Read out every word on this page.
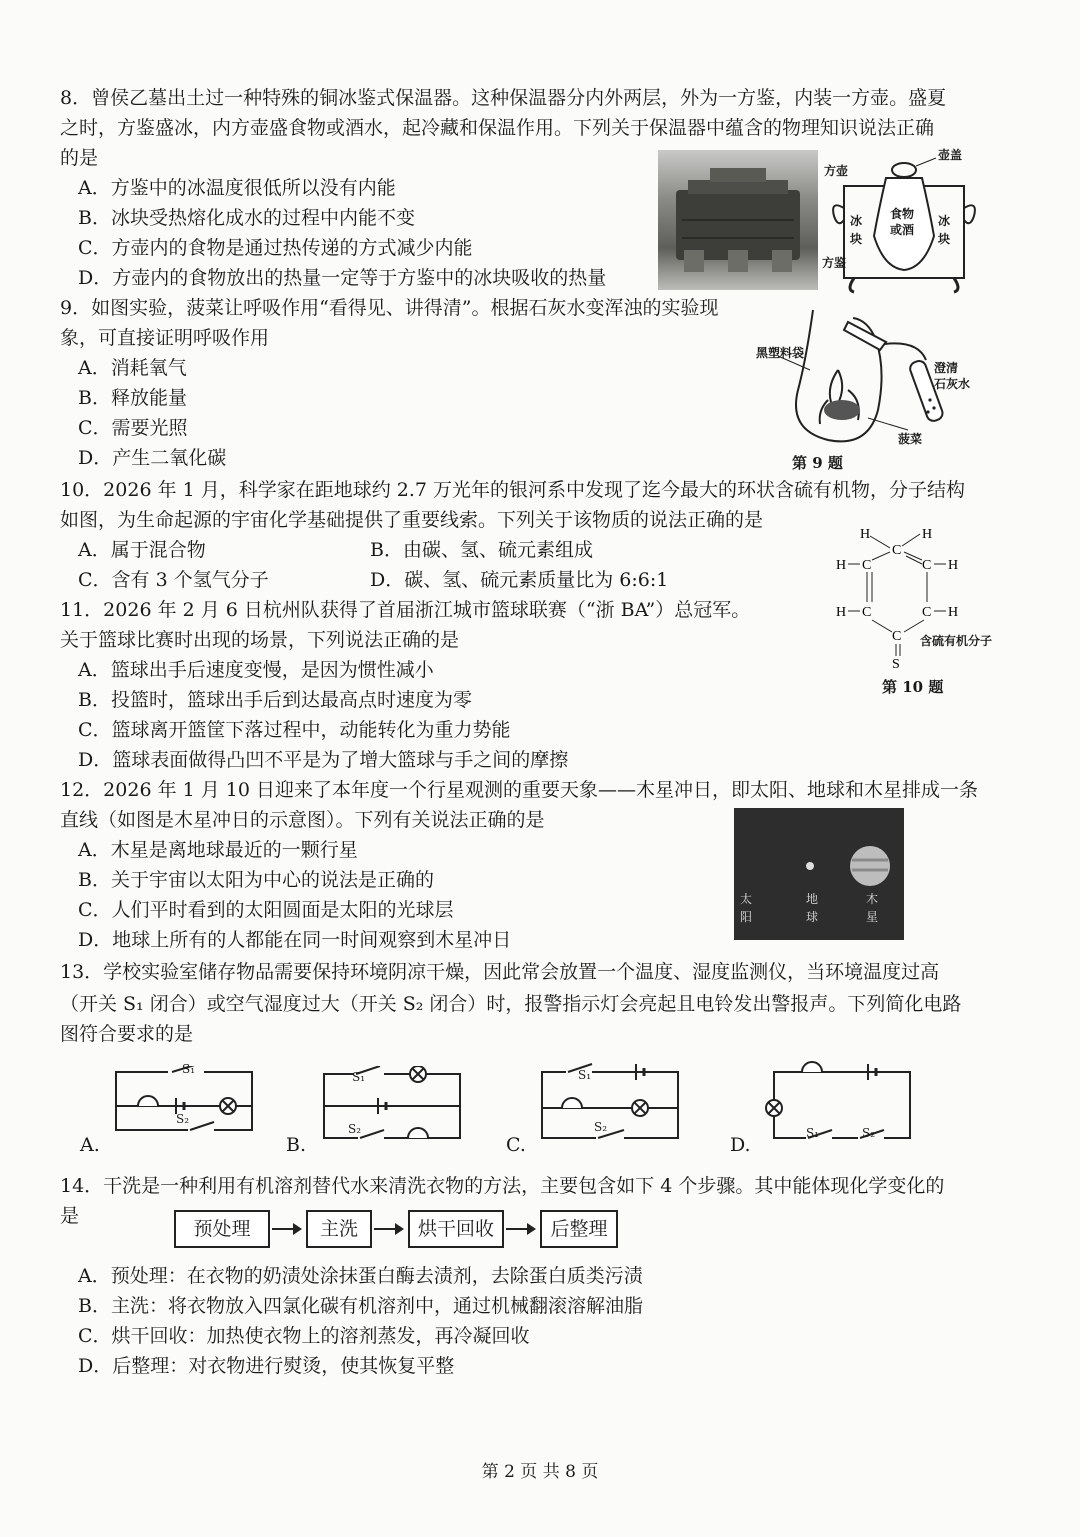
8．曾侯乙墓出土过一种特殊的铜冰鉴式保温器。这种保温器分内外两层，外为一方鉴，内装一方壶。盛夏
之时，方鉴盛冰，内方壶盛食物或酒水，起冷藏和保温作用。下列关于保温器中蕴含的物理知识说法正确
的是
A．方鉴中的冰温度很低所以没有内能
B．冰块受热熔化成水的过程中内能不变
C．方壶内的食物是通过热传递的方式减少内能
D．方壶内的食物放出的热量一定等于方鉴中的冰块吸收的热量
壶盖
方壶
冰
块
食物
或酒
冰
块
方鉴
9．如图实验，菠菜让呼吸作用“看得见、讲得清”。根据石灰水变浑浊的实验现
象，可直接证明呼吸作用
A．消耗氧气
B．释放能量
C．需要光照
D．产生二氧化碳
黑塑料袋
澄清
石灰水
菠菜
第 9 题
10．2026 年 1 月，科学家在距地球约 2.7 万光年的银河系中发现了迄今最大的环状含硫有机物，分子结构
如图，为生命起源的宇宙化学基础提供了重要线索。下列关于该物质的说法正确的是
A．属于混合物	B．由碳、氢、硫元素组成
C．含有 3 个氢气分子	D．碳、氢、硫元素质量比为 6:6:1
H	H
C
H C	C H
H C	C H
C
S
含硫有机分子
第 10 题
11．2026 年 2 月 6 日杭州队获得了首届浙江城市篮球联赛（“浙 BA”）总冠军。
关于篮球比赛时出现的场景，下列说法正确的是
A．篮球出手后速度变慢，是因为惯性减小
B．投篮时，篮球出手后到达最高点时速度为零
C．篮球离开篮筐下落过程中，动能转化为重力势能
D．篮球表面做得凸凹不平是为了增大篮球与手之间的摩擦
12．2026 年 1 月 10 日迎来了本年度一个行星观测的重要天象——木星冲日，即太阳、地球和木星排成一条
直线（如图是木星冲日的示意图）。下列有关说法正确的是
A．木星是离地球最近的一颗行星
B．关于宇宙以太阳为中心的说法是正确的
C．人们平时看到的太阳圆面是太阳的光球层
D．地球上所有的人都能在同一时间观察到木星冲日
太
阳
地
球
木
星
13．学校实验室储存物品需要保持环境阴凉干燥，因此常会放置一个温度、湿度监测仪，当环境温度过高
（开关 S₁ 闭合）或空气湿度过大（开关 S₂ 闭合）时，报警指示灯会亮起且电铃发出警报声。下列简化电路
图符合要求的是
S₁
S₂
A.
S₁
S₂
B.
S₁
S₂
C.
S₁	S₂
D.
14．干洗是一种利用有机溶剂替代水来清洗衣物的方法，主要包含如下 4 个步骤。其中能体现化学变化的
是
预处理	主洗	烘干回收	后整理
A．预处理：在衣物的奶渍处涂抹蛋白酶去渍剂，去除蛋白质类污渍
B．主洗：将衣物放入四氯化碳有机溶剂中，通过机械翻滚溶解油脂
C．烘干回收：加热使衣物上的溶剂蒸发，再冷凝回收
D．后整理：对衣物进行熨烫，使其恢复平整
第 2 页 共 8 页
